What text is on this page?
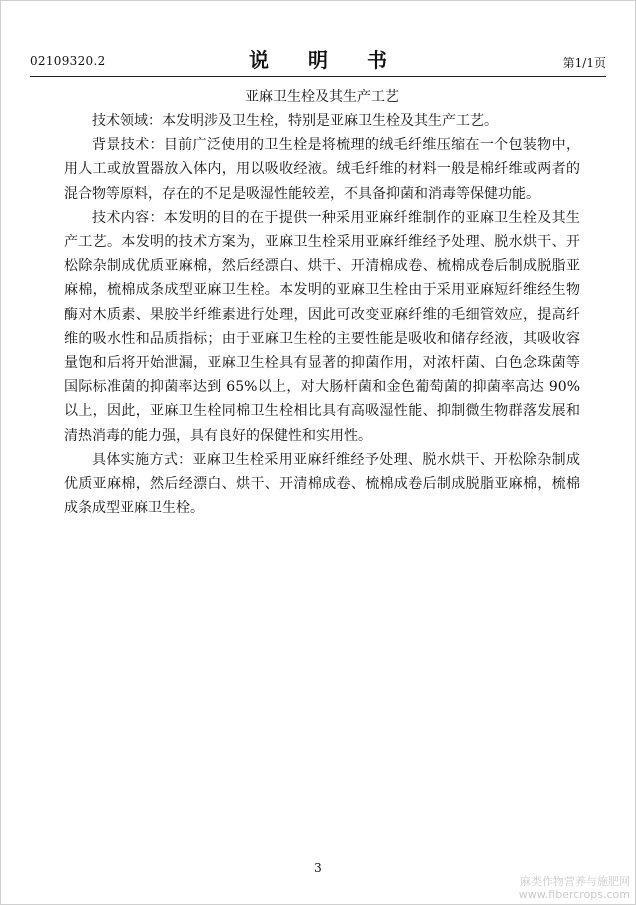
02109320.2	说 明 书	第1/1页
亚麻卫生栓及其生产工艺

技术领域：本发明涉及卫生栓，特别是亚麻卫生栓及其生产工艺。

背景技术：目前广泛使用的卫生栓是将梳理的绒毛纤维压缩在一个包装物中，用人工或放置器放入体内，用以吸收经液。绒毛纤维的材料一般是棉纤维或两者的混合物等原料，存在的不足是吸湿性能较差，不具备抑菌和消毒等保健功能。

技术内容：本发明的目的在于提供一种采用亚麻纤维制作的亚麻卫生栓及其生产工艺。本发明的技术方案为，亚麻卫生栓采用亚麻纤维经予处理、脱水烘干、开松除杂制成优质亚麻棉，然后经漂白、烘干、开清棉成卷、梳棉成卷后制成脱脂亚麻棉，梳棉成条成型亚麻卫生栓。本发明的亚麻卫生栓由于采用亚麻短纤维经生物酶对木质素、果胶半纤维素进行处理，因此可改变亚麻纤维的毛细管效应，提高纤维的吸水性和品质指标；由于亚麻卫生栓的主要性能是吸收和储存经液，其吸收容量饱和后将开始泄漏，亚麻卫生栓具有显著的抑菌作用，对浓杆菌、白色念珠菌等国际标准菌的抑菌率达到 65%以上，对大肠杆菌和金色葡萄菌的抑菌率高达 90%以上，因此，亚麻卫生栓同棉卫生栓相比具有高吸湿性能、抑制微生物群落发展和清热消毒的能力强，具有良好的保健性和实用性。

具体实施方式：亚麻卫生栓采用亚麻纤维经予处理、脱水烘干、开松除杂制成优质亚麻棉，然后经漂白、烘干、开清棉成卷、梳棉成卷后制成脱脂亚麻棉，梳棉成条成型亚麻卫生栓。

3
麻类作物营养与施肥网
www.fibercrops.com
